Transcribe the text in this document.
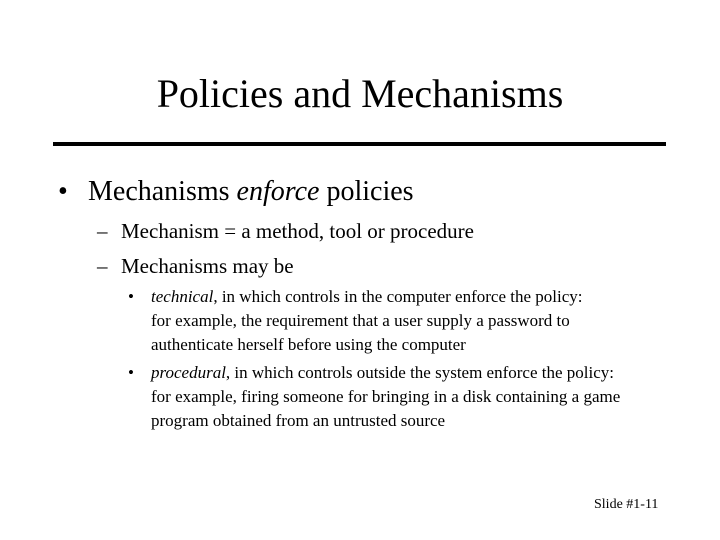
Policies and Mechanisms
• Mechanisms enforce policies
– Mechanism = a method, tool or procedure
– Mechanisms may be
• technical, in which controls in the computer enforce the policy:
for example, the requirement that a user supply a password to
authenticate herself before using the computer
• procedural, in which controls outside the system enforce the policy:
for example, firing someone for bringing in a disk containing a game
program obtained from an untrusted source
Slide #1-11
